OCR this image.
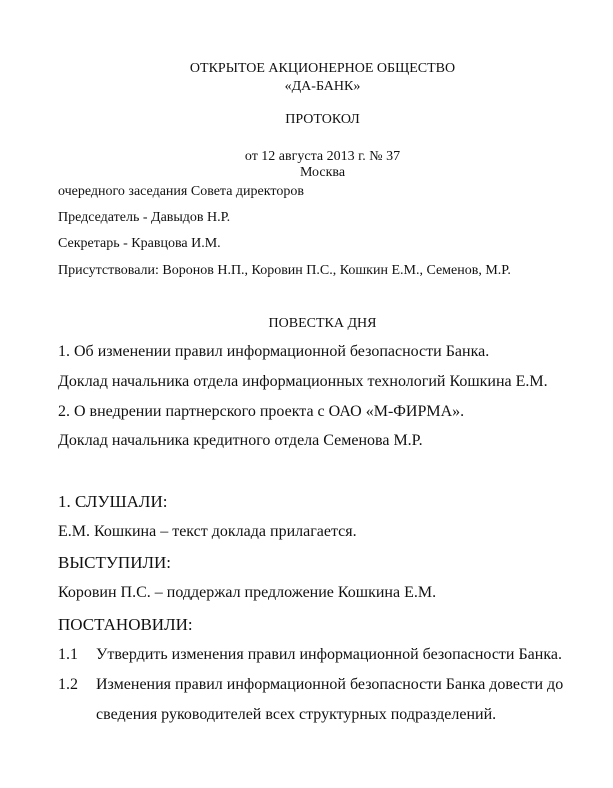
ОТКРЫТОЕ АКЦИОНЕРНОЕ ОБЩЕСТВО
«ДА-БАНК»
ПРОТОКОЛ
от 12 августа 2013 г. № 37
Москва
очередного заседания Совета директоров
Председатель - Давыдов Н.Р.
Секретарь - Кравцова И.М.
Присутствовали: Воронов Н.П., Коровин П.С., Кошкин Е.М., Семенов, М.Р.
ПОВЕСТКА ДНЯ
1. Об изменении правил информационной безопасности Банка.
Доклад начальника отдела информационных технологий Кошкина Е.М.
2. О внедрении партнерского проекта с ОАО «М-ФИРМА».
Доклад начальника кредитного отдела Семенова М.Р.
1. СЛУШАЛИ:
Е.М. Кошкина – текст доклада прилагается.
ВЫСТУПИЛИ:
Коровин П.С. – поддержал предложение Кошкина Е.М.
ПОСТАНОВИЛИ:
1.1 Утвердить изменения правил информационной безопасности Банка.
1.2 Изменения правил информационной безопасности Банка довести до
сведения руководителей всех структурных подразделений.
